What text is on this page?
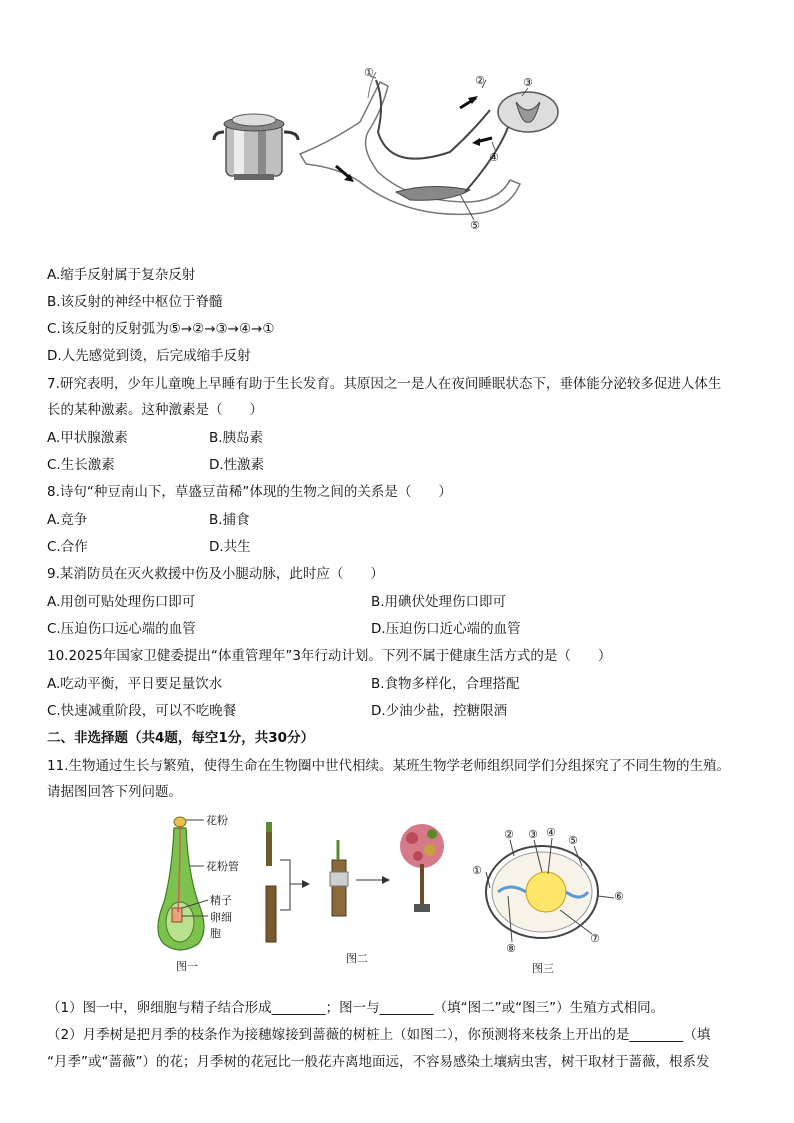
①
②	③
④
⑤
A.缩手反射属于复杂反射
B.该反射的神经中枢位于脊髓
C.该反射的反射弧为⑤→②→③→④→①
D.人先感觉到烫，后完成缩手反射
7.研究表明，少年儿童晚上早睡有助于生长发育。其原因之一是人在夜间睡眠状态下，垂体能分泌较多促进人体生
长的某种激素。这种激素是（　　）
A.甲状腺激素	B.胰岛素
C.生长激素	D.性激素
8.诗句“种豆南山下，草盛豆苗稀”体现的生物之间的关系是（　　）
A.竞争	B.捕食
C.合作	D.共生
9.某消防员在灭火救援中伤及小腿动脉，此时应（　　）
A.用创可贴处理伤口即可	B.用碘伏处理伤口即可
C.压迫伤口远心端的血管	D.压迫伤口近心端的血管
10.2025年国家卫健委提出“体重管理年”3年行动计划。下列不属于健康生活方式的是（　　）
A.吃动平衡，平日要足量饮水	B.食物多样化，合理搭配
C.快速减重阶段，可以不吃晚餐	D.少油少盐，控糖限酒
二、非选择题（共4题，每空1分，共30分）
11.生物通过生长与繁殖，使得生命在生物圈中世代相续。某班生物学老师组织同学们分组探究了不同生物的生殖。
请据图回答下列问题。
花粉
花粉管
精子
卵细
胞
图一
图二
①
② ③ ④
⑤
⑥
⑦
⑧
图三
（1）图一中，卵细胞与精子结合形成________；图一与________（填“图二”或“图三”）生殖方式相同。
（2）月季树是把月季的枝条作为接穗嫁接到蔷薇的树桩上（如图二），你预测将来枝条上开出的是________（填
“月季”或“蔷薇”）的花；月季树的花冠比一般花卉离地面远，不容易感染土壤病虫害，树干取材于蔷薇，根系发
